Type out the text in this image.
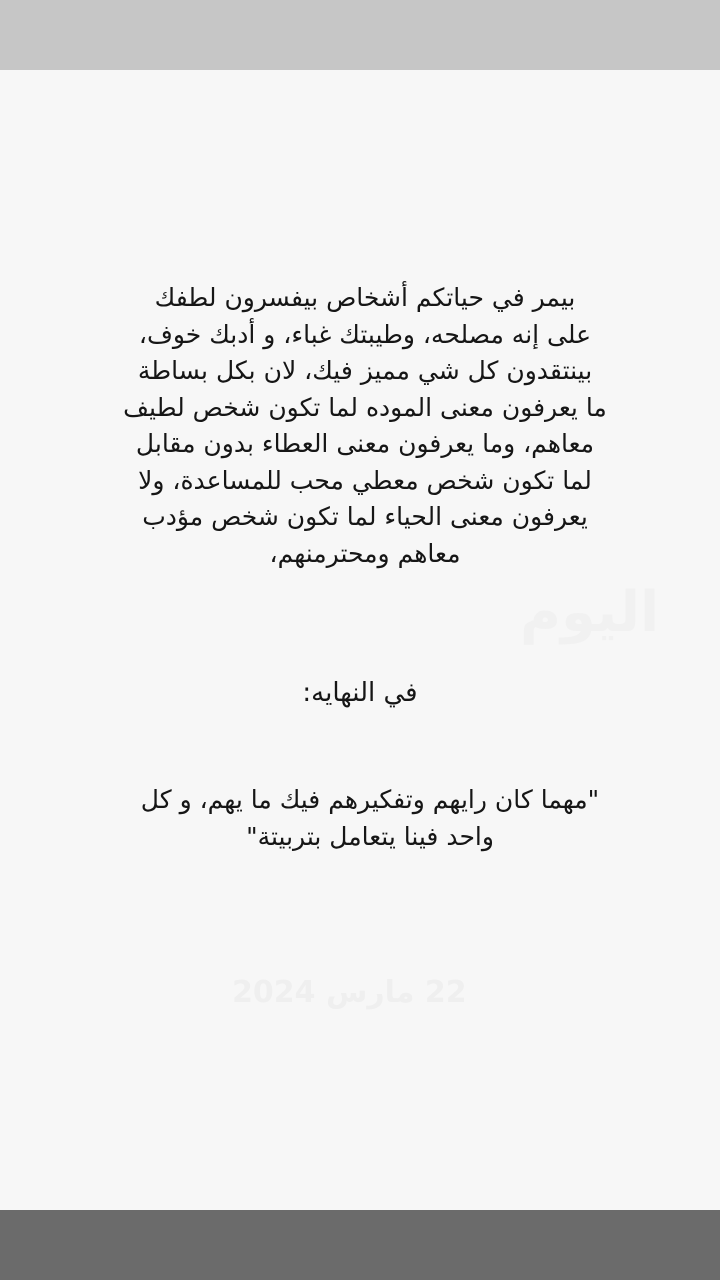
اليوم
22 مارس 2024
بيمر في حياتكم أشخاص بيفسرون لطفك
على إنه مصلحه، وطيبتك غباء، و أدبك خوف،
بينتقدون كل شي مميز فيك، لان بكل بساطة
ما يعرفون معنى الموده لما تكون شخص لطيف
معاهم، وما يعرفون معنى العطاء بدون مقابل
لما تكون شخص معطي محب للمساعدة، ولا
يعرفون معنى الحياء لما تكون شخص مؤدب
معاهم ومحترمنهم،
في النهايه:
"مهما كان رايهم وتفكيرهم فيك ما يهم، و كل
واحد فينا يتعامل بتربيتة"
